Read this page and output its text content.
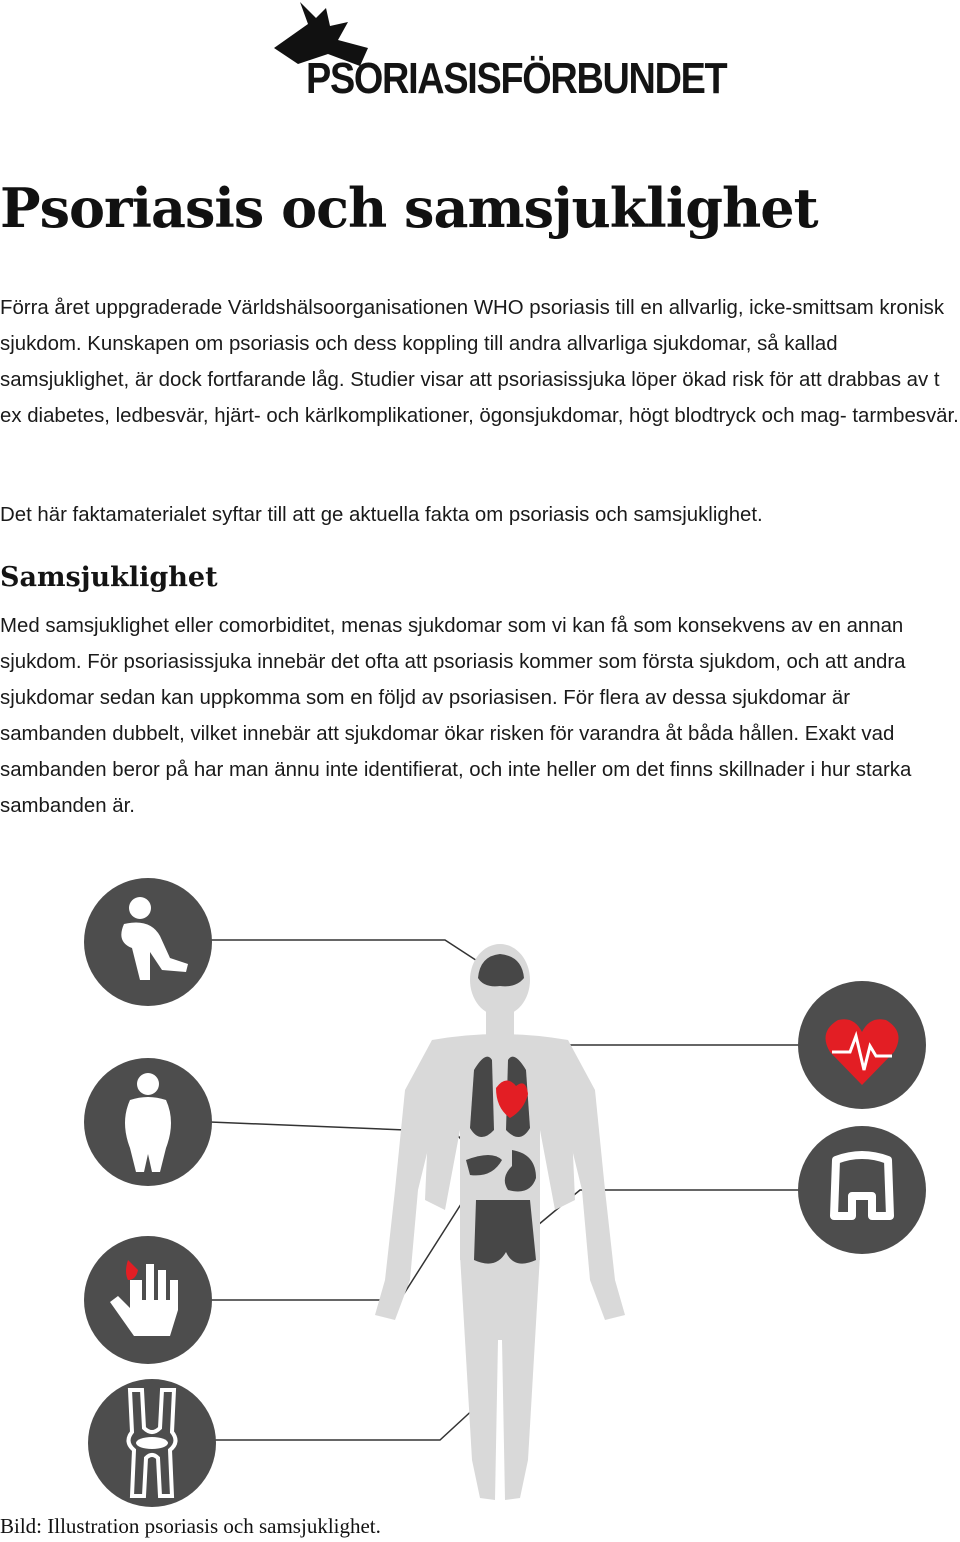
PSORIASISFÖRBUNDET
Psoriasis och samsjuklighet

Förra året uppgraderade Världshälsoorganisationen WHO psoriasis till en allvarlig, icke-smittsam kronisk sjukdom. Kunskapen om psoriasis och dess koppling till andra allvarliga sjukdomar, så kallad samsjuklighet, är dock fortfarande låg. Studier visar att psoriasissjuka löper ökad risk för att drabbas av t ex diabetes, ledbesvär, hjärt- och kärlkomplikationer, ögonsjukdomar, högt blodtryck och mag- tarmbesvär.

Det här faktamaterialet syftar till att ge aktuella fakta om psoriasis och samsjuklighet.

Samsjuklighet

Med samsjuklighet eller comorbiditet, menas sjukdomar som vi kan få som konsekvens av en annan sjukdom. För psoriasissjuka innebär det ofta att psoriasis kommer som första sjukdom, och att andra sjukdomar sedan kan uppkomma som en följd av psoriasisen. För flera av dessa sjukdomar är sambanden dubbelt, vilket innebär att sjukdomar ökar risken för varandra åt båda hållen. Exakt vad sambanden beror på har man ännu inte identifierat, och inte heller om det finns skillnader i hur starka sambanden är.

Bild: Illustration psoriasis och samsjuklighet.
